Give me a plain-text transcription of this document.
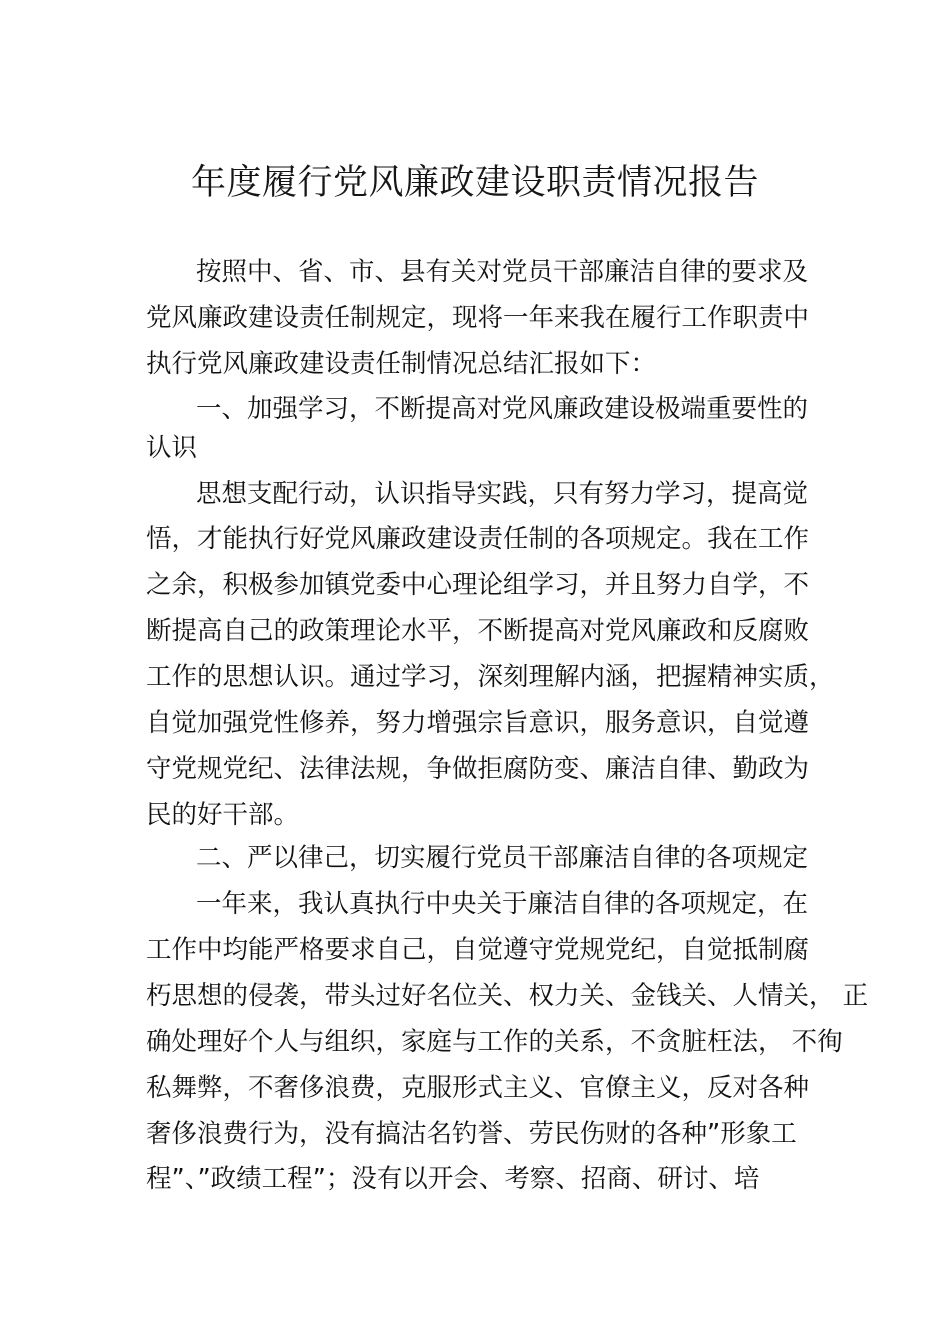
年度履行党风廉政建设职责情况报告
按照中、省、市、县有关对党员干部廉洁自律的要求及
党风廉政建设责任制规定，现将一年来我在履行工作职责中
执行党风廉政建设责任制情况总结汇报如下：
一、加强学习，不断提高对党风廉政建设极端重要性的
认识
思想支配行动，认识指导实践，只有努力学习，提高觉
悟，才能执行好党风廉政建设责任制的各项规定。我在工作
之余，积极参加镇党委中心理论组学习，并且努力自学，不
断提高自己的政策理论水平，不断提高对党风廉政和反腐败
工作的思想认识。通过学习，深刻理解内涵，把握精神实质，
自觉加强党性修养，努力增强宗旨意识，服务意识，自觉遵
守党规党纪、法律法规，争做拒腐防变、廉洁自律、勤政为
民的好干部。
二、严以律己，切实履行党员干部廉洁自律的各项规定
一年来，我认真执行中央关于廉洁自律的各项规定，在
工作中均能严格要求自己，自觉遵守党规党纪，自觉抵制腐
朽思想的侵袭，带头过好名位关、权力关、金钱关、人情关， 正
确处理好个人与组织，家庭与工作的关系，不贪脏枉法， 不徇
私舞弊，不奢侈浪费，克服形式主义、官僚主义，反对各种
奢侈浪费行为，没有搞沽名钓誉、劳民伤财的各种”形象工
程”、”政绩工程”；没有以开会、考察、招商、研讨、培
